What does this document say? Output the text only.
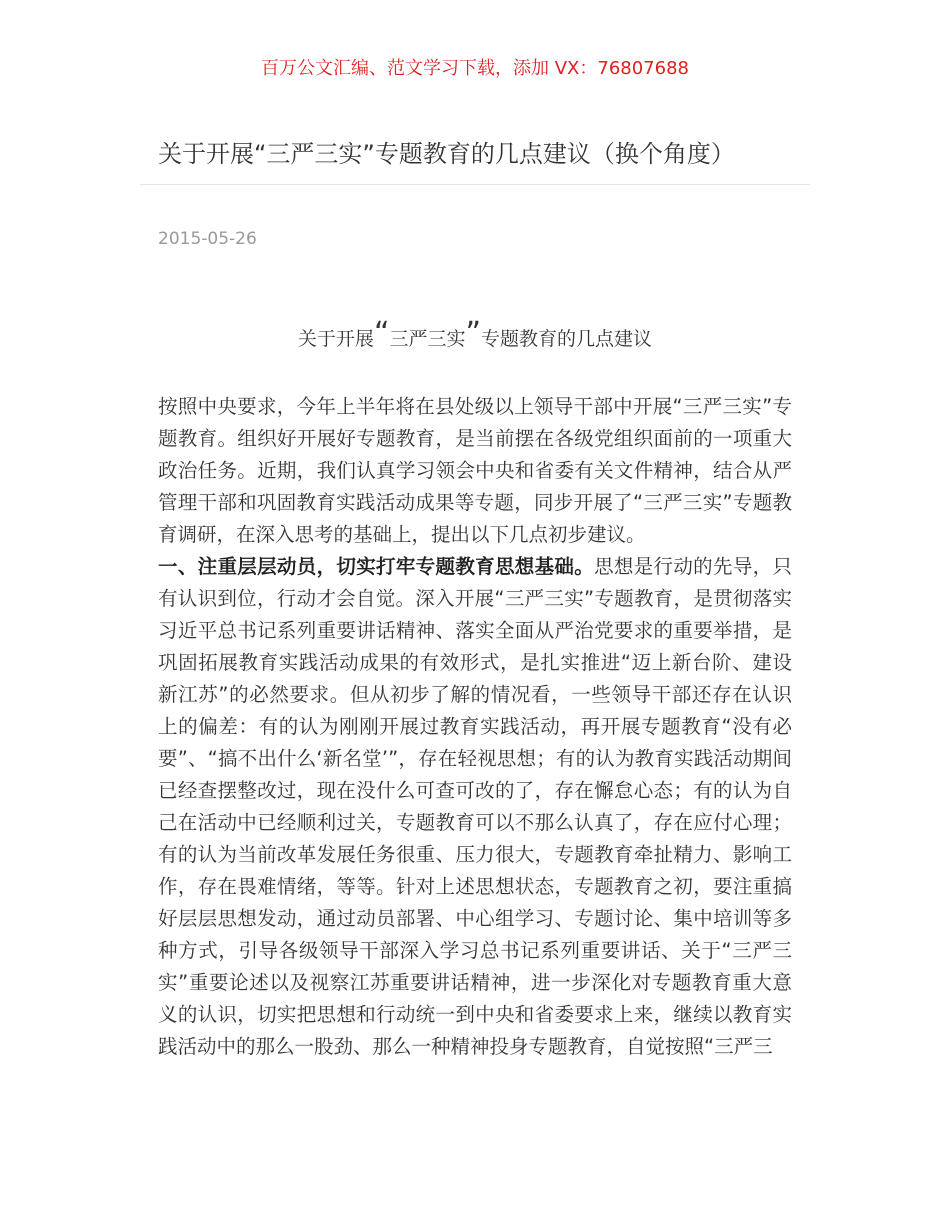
百万公文汇编、范文学习下载，添加 VX：76807688
关于开展“三严三实”专题教育的几点建议（换个角度）
2015-05-26
关于开展“三严三实”专题教育的几点建议

按照中央要求，今年上半年将在县处级以上领导干部中开展“三严三实”专题教育。组织好开展好专题教育，是当前摆在各级党组织面前的一项重大政治任务。近期，我们认真学习领会中央和省委有关文件精神，结合从严管理干部和巩固教育实践活动成果等专题，同步开展了“三严三实”专题教育调研，在深入思考的基础上，提出以下几点初步建议。

一、注重层层动员，切实打牢专题教育思想基础。思想是行动的先导，只有认识到位，行动才会自觉。深入开展“三严三实”专题教育，是贯彻落实习近平总书记系列重要讲话精神、落实全面从严治党要求的重要举措，是巩固拓展教育实践活动成果的有效形式，是扎实推进“迈上新台阶、建设新江苏”的必然要求。但从初步了解的情况看，一些领导干部还存在认识上的偏差：有的认为刚刚开展过教育实践活动，再开展专题教育“没有必要”、“搞不出什么‘新名堂’”，存在轻视思想；有的认为教育实践活动期间已经查摆整改过，现在没什么可查可改的了，存在懈怠心态；有的认为自己在活动中已经顺利过关，专题教育可以不那么认真了，存在应付心理；有的认为当前改革发展任务很重、压力很大，专题教育牵扯精力、影响工作，存在畏难情绪，等等。针对上述思想状态，专题教育之初，要注重搞好层层思想发动，通过动员部署、中心组学习、专题讨论、集中培训等多种方式，引导各级领导干部深入学习总书记系列重要讲话、关于“三严三实”重要论述以及视察江苏重要讲话精神，进一步深化对专题教育重大意义的认识，切实把思想和行动统一到中央和省委要求上来，继续以教育实践活动中的那么一股劲、那么一种精神投身专题教育，自觉按照“三严三
